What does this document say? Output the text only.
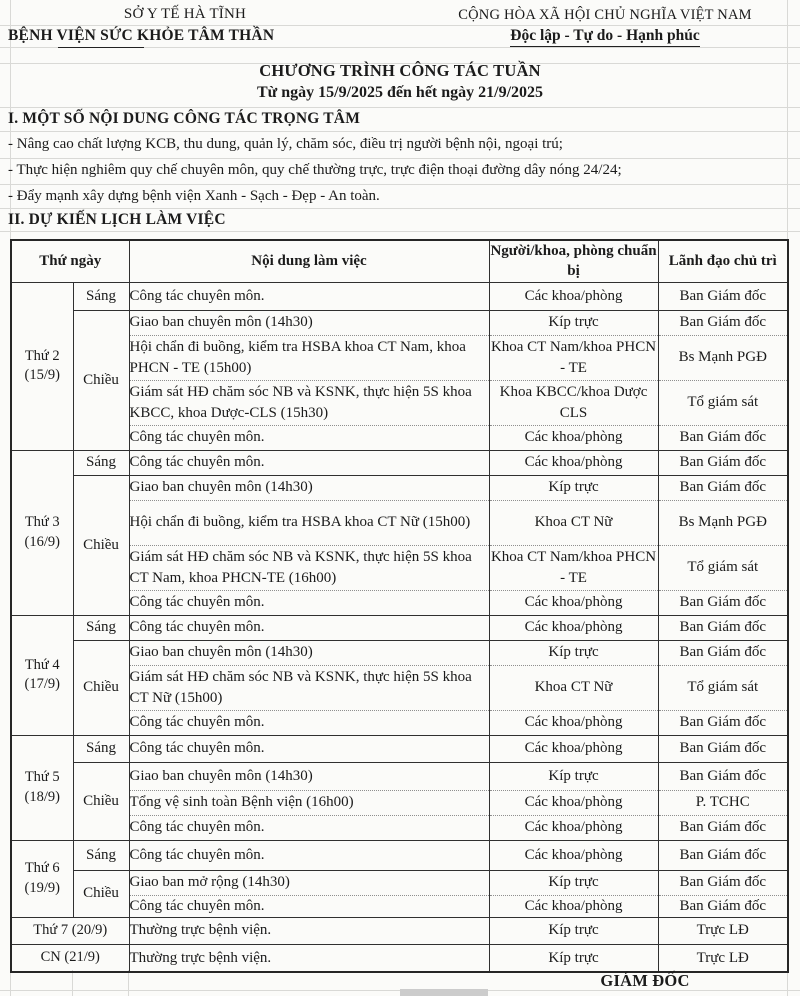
SỞ Y TẾ HÀ TĨNH
BỆNH VIỆN SỨC KHỎE TÂM THẦN
CỘNG HÒA XÃ HỘI CHỦ NGHĨA VIỆT NAM
Độc lập - Tự do - Hạnh phúc
CHƯƠNG TRÌNH CÔNG TÁC TUẦN
Từ ngày 15/9/2025 đến hết ngày 21/9/2025
I. MỘT SỐ NỘI DUNG CÔNG TÁC TRỌNG TÂM
- Nâng cao chất lượng KCB, thu dung, quản lý, chăm sóc, điều trị người bệnh nội, ngoại trú;
- Thực hiện nghiêm quy chế chuyên môn, quy chế thường trực, trực điện thoại đường dây nóng 24/24;
- Đẩy mạnh xây dựng bệnh viện Xanh - Sạch - Đẹp - An toàn.
II. DỰ KIẾN LỊCH LÀM VIỆC
Thứ ngày		Nội dung làm việc	Người/khoa, phòng chuẩn bị	Lãnh đạo chủ trì

Thứ 2
(15/9)	Sáng	Công tác chuyên môn.	Các khoa/phòng	Ban Giám đốc
	Chiều	Giao ban chuyên môn (14h30)	Kíp trực	Ban Giám đốc
		Hội chẩn đi buồng, kiểm tra HSBA khoa CT Nam, khoa PHCN - TE (15h00)	Khoa CT Nam/khoa PHCN - TE	Bs Mạnh PGĐ
		Giám sát HĐ chăm sóc NB và KSNK, thực hiện 5S khoa KBCC, khoa Dược-CLS (15h30)	Khoa KBCC/khoa Dược CLS	Tổ giám sát
		Công tác chuyên môn.	Các khoa/phòng	Ban Giám đốc

Thứ 3
(16/9)	Sáng	Công tác chuyên môn.	Các khoa/phòng	Ban Giám đốc
	Chiều	Giao ban chuyên môn (14h30)	Kíp trực	Ban Giám đốc
		Hội chẩn đi buồng, kiểm tra HSBA khoa CT Nữ (15h00)	Khoa CT Nữ	Bs Mạnh PGĐ
		Giám sát HĐ chăm sóc NB và KSNK, thực hiện 5S khoa CT Nam, khoa PHCN-TE (16h00)	Khoa CT Nam/khoa PHCN - TE	Tổ giám sát
		Công tác chuyên môn.	Các khoa/phòng	Ban Giám đốc

Thứ 4
(17/9)	Sáng	Công tác chuyên môn.	Các khoa/phòng	Ban Giám đốc
	Chiều	Giao ban chuyên môn (14h30)	Kíp trực	Ban Giám đốc
		Giám sát HĐ chăm sóc NB và KSNK, thực hiện 5S khoa CT Nữ (15h00)	Khoa CT Nữ	Tổ giám sát
		Công tác chuyên môn.	Các khoa/phòng	Ban Giám đốc

Thứ 5
(18/9)	Sáng	Công tác chuyên môn.	Các khoa/phòng	Ban Giám đốc
	Chiều	Giao ban chuyên môn (14h30)	Kíp trực	Ban Giám đốc
		Tổng vệ sinh toàn Bệnh viện (16h00)	Các khoa/phòng	P. TCHC
		Công tác chuyên môn.	Các khoa/phòng	Ban Giám đốc

Thứ 6
(19/9)	Sáng	Công tác chuyên môn.	Các khoa/phòng	Ban Giám đốc
	Chiều	Giao ban mở rộng (14h30)	Kíp trực	Ban Giám đốc
		Công tác chuyên môn.	Các khoa/phòng	Ban Giám đốc
Thứ 7 (20/9)		Thường trực bệnh viện.	Kíp trực	Trực LĐ
CN (21/9)		Thường trực bệnh viện.	Kíp trực	Trực LĐ
GIÁM ĐỐC
